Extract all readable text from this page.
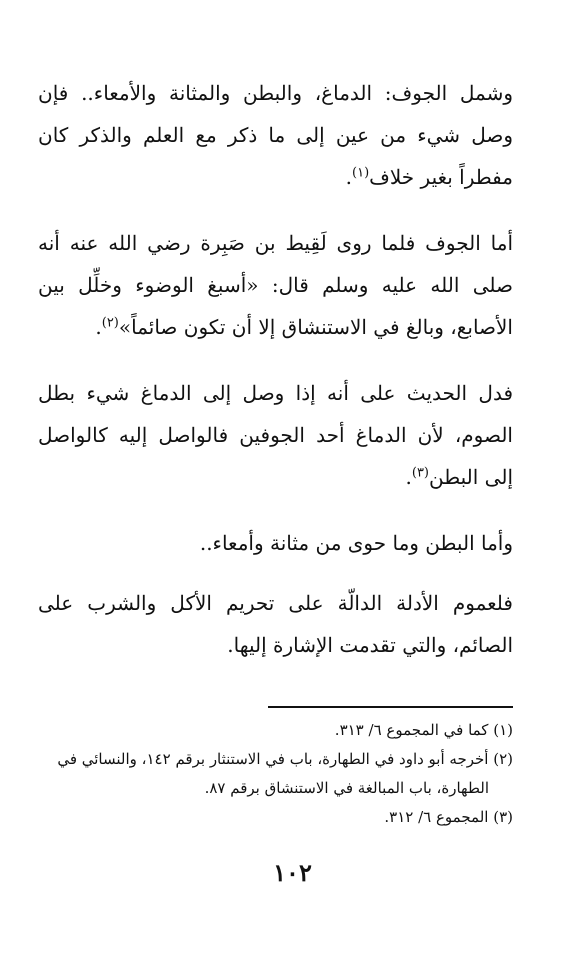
وشمل الجوف: الدماغ، والبطن والمثانة والأمعاء.. فإن وصل شيء من عين إلى ما ذكر مع العلم والذكر كان مفطراً بغير خلاف$^{(١)}$.

أما الجوف فلما روى لَقِيط بن صَبِرة رضي الله عنه أنه صلى الله عليه وسلم قال: «أسبغ الوضوء وخلِّل بين الأصابع، وبالغ في الاستنشاق إلا أن تكون صائماً»$^{(٢)}$.

فدل الحديث على أنه إذا وصل إلى الدماغ شيء بطل الصوم، لأن الدماغ أحد الجوفين فالواصل إليه كالواصل إلى البطن$^{(٣)}$.

وأما البطن وما حوى من مثانة وأمعاء..

فلعموم الأدلة الدالّة على تحريم الأكل والشرب على الصائم، والتي تقدمت الإشارة إليها.

(١) كما في المجموع ٦/ ٣١٣.

(٢) أخرجه أبو داود في الطهارة، باب في الاستنثار برقم ١٤٢، والنسائي في

الطهارة، باب المبالغة في الاستنشاق برقم ٨٧.

(٣) المجموع ٦/ ٣١٢.

١٠٢
